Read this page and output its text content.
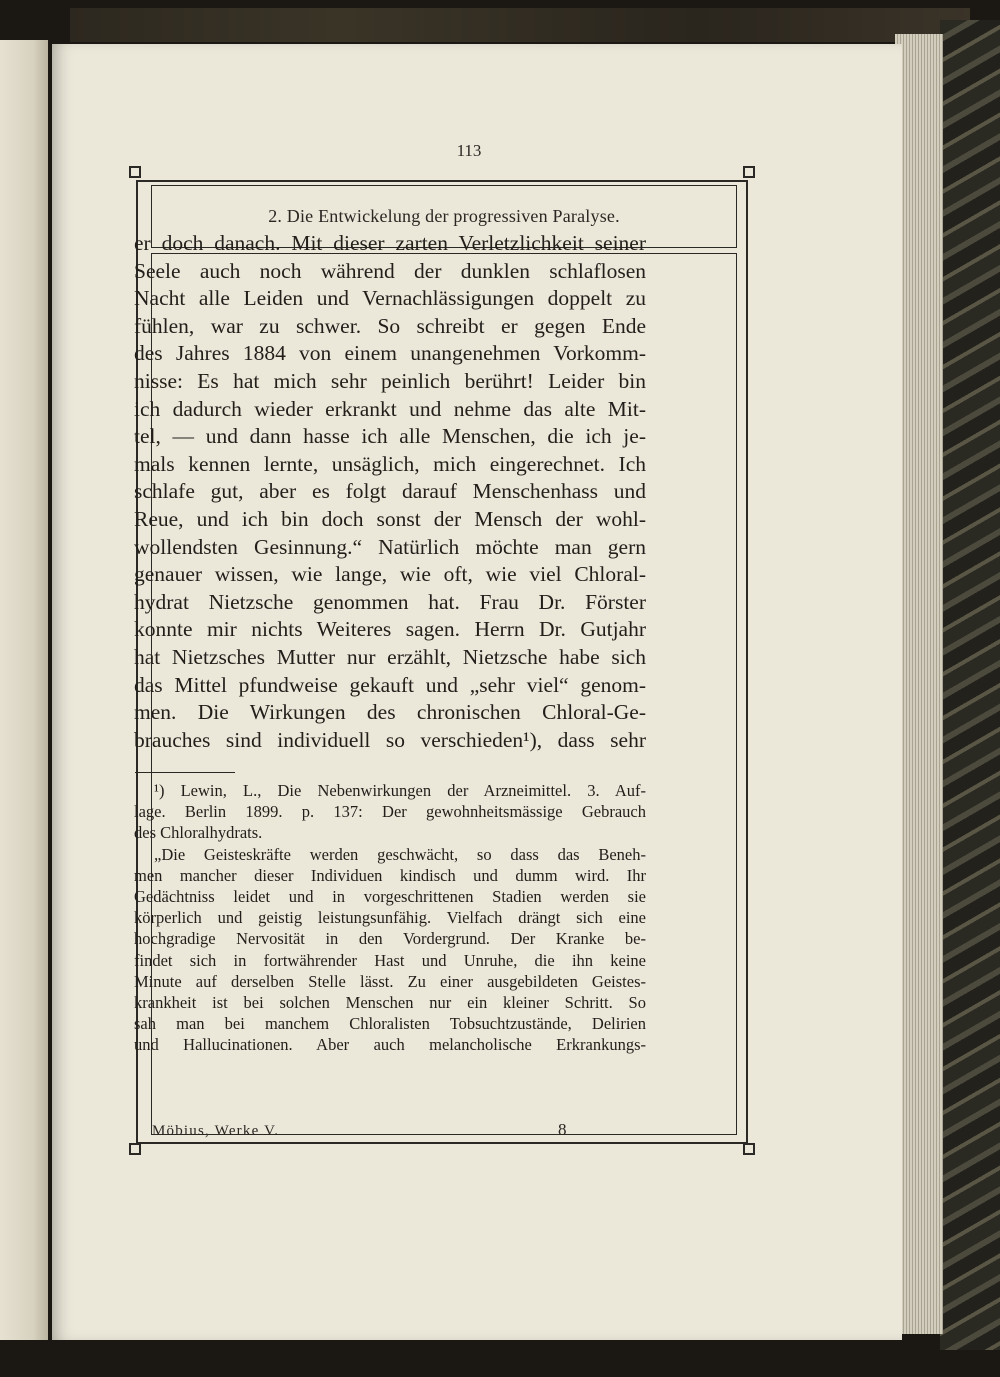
113
2. Die Entwickelung der progressiven Paralyse.
er doch danach. Mit dieser zarten Verletzlichkeit seiner
Seele auch noch während der dunklen schlaflosen
Nacht alle Leiden und Vernachlässigungen doppelt zu
fühlen, war zu schwer. So schreibt er gegen Ende
des Jahres 1884 von einem unangenehmen Vorkomm-
nisse: Es hat mich sehr peinlich berührt! Leider bin
ich dadurch wieder erkrankt und nehme das alte Mit-
tel, — und dann hasse ich alle Menschen, die ich je-
mals kennen lernte, unsäglich, mich eingerechnet. Ich
schlafe gut, aber es folgt darauf Menschenhass und
Reue, und ich bin doch sonst der Mensch der wohl-
wollendsten Gesinnung.“ Natürlich möchte man gern
genauer wissen, wie lange, wie oft, wie viel Chloral-
hydrat Nietzsche genommen hat. Frau Dr. Förster
konnte mir nichts Weiteres sagen. Herrn Dr. Gutjahr
hat Nietzsches Mutter nur erzählt, Nietzsche habe sich
das Mittel pfundweise gekauft und „sehr viel“ genom-
men. Die Wirkungen des chronischen Chloral-Ge-
brauches sind individuell so verschieden¹), dass sehr
¹) Lewin, L., Die Nebenwirkungen der Arzneimittel. 3. Auf-
lage. Berlin 1899. p. 137: Der gewohnheitsmässige Gebrauch
des Chloralhydrats.
„Die Geisteskräfte werden geschwächt, so dass das Beneh-
men mancher dieser Individuen kindisch und dumm wird. Ihr
Gedächtniss leidet und in vorgeschrittenen Stadien werden sie
körperlich und geistig leistungsunfähig. Vielfach drängt sich eine
hochgradige Nervosität in den Vordergrund. Der Kranke be-
findet sich in fortwährender Hast und Unruhe, die ihn keine
Minute auf derselben Stelle lässt. Zu einer ausgebildeten Geistes-
krankheit ist bei solchen Menschen nur ein kleiner Schritt. So
sah man bei manchem Chloralisten Tobsuchtzustände, Delirien
und Hallucinationen. Aber auch melancholische Erkrankungs-
Möbius, Werke V.	8
